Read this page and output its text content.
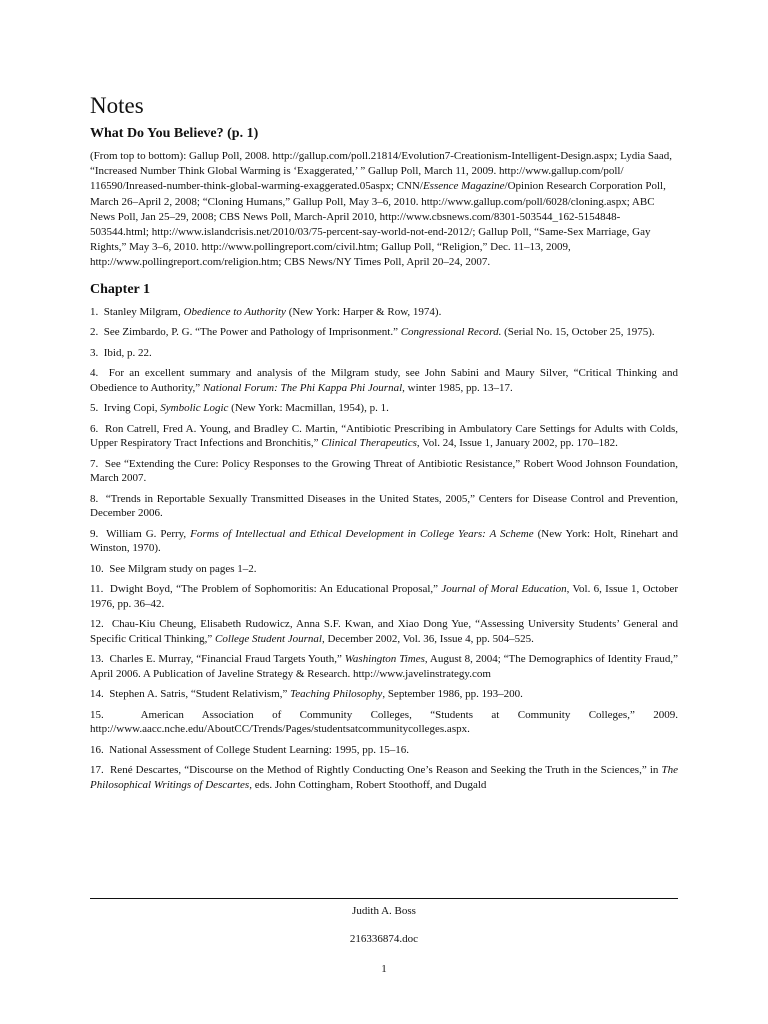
Notes
What Do You Believe? (p. 1)

(From top to bottom): Gallup Poll, 2008. http://gallup.com/poll.21814/Evolution7-Creationism-Intelligent-Design.aspx; Lydia Saad, “Increased Number Think Global Warming is ‘Exaggerated,’ ” Gallup Poll, March 11, 2009. http://www.gallup.com/poll/ 116590/Inreased-number-think-global-warming-exaggerated.05aspx; CNN/Essence Magazine/Opinion Research Corporation Poll, March 26–April 2, 2008; “Cloning Humans,” Gallup Poll, May 3–6, 2010. http://www.gallup.com/poll/6028/cloning.aspx; ABC News Poll, Jan 25–29, 2008; CBS News Poll, March-April 2010, http://www.cbsnews.com/8301-503544_162-5154848-503544.html; http://www.islandcrisis.net/2010/03/75-percent-say-world-not-end-2012/; Gallup Poll, “Same-Sex Marriage, Gay Rights,” May 3–6, 2010. http://www.pollingreport.com/civil.htm; Gallup Poll, “Religion,” Dec. 11–13, 2009, http://www.pollingreport.com/religion.htm; CBS News/NY Times Poll, April 20–24, 2007.

Chapter 1
1.  Stanley Milgram, Obedience to Authority (New York: Harper & Row, 1974).
2.  See Zimbardo, P. G. “The Power and Pathology of Imprisonment.” Congressional Record. (Serial No. 15, October 25, 1975).
3.  Ibid, p. 22.
4.  For an excellent summary and analysis of the Milgram study, see John Sabini and Maury Silver, “Critical Thinking and Obedience to Authority,” National Forum: The Phi Kappa Phi Journal, winter 1985, pp. 13–17.
5.  Irving Copi, Symbolic Logic (New York: Macmillan, 1954), p. 1.
6.  Ron Catrell, Fred A. Young, and Bradley C. Martin, “Antibiotic Prescribing in Ambulatory Care Settings for Adults with Colds, Upper Respiratory Tract Infections and Bronchitis,” Clinical Therapeutics, Vol. 24, Issue 1, January 2002, pp. 170–182.
7.  See “Extending the Cure: Policy Responses to the Growing Threat of Antibiotic Resistance,” Robert Wood Johnson Foundation, March 2007.
8.  “Trends in Reportable Sexually Transmitted Diseases in the United States, 2005,” Centers for Disease Control and Prevention, December 2006.
9.  William G. Perry, Forms of Intellectual and Ethical Development in College Years: A Scheme (New York: Holt, Rinehart and Winston, 1970).
10.  See Milgram study on pages 1–2.
11.  Dwight Boyd, “The Problem of Sophomoritis: An Educational Proposal,” Journal of Moral Education, Vol. 6, Issue 1, October 1976, pp. 36–42.
12.  Chau-Kiu Cheung, Elisabeth Rudowicz, Anna S.F. Kwan, and Xiao Dong Yue, “Assessing University Students’ General and Specific Critical Thinking,” College Student Journal, December 2002, Vol. 36, Issue 4, pp. 504–525.
13.  Charles E. Murray, “Financial Fraud Targets Youth,” Washington Times, August 8, 2004; “The Demographics of Identity Fraud,” April 2006. A Publication of Javeline Strategy & Research. http://www.javelinstrategy.com
14.  Stephen A. Satris, “Student Relativism,” Teaching Philosophy, September 1986, pp. 193–200.
15.  American Association of Community Colleges, “Students at Community Colleges,” 2009. http://www.aacc.nche.edu/AboutCC/Trends/Pages/studentsatcommunitycolleges.aspx.
16.  National Assessment of College Student Learning: 1995, pp. 15–16.
17.  René Descartes, “Discourse on the Method of Rightly Conducting One’s Reason and Seeking the Truth in the Sciences,” in The Philosophical Writings of Descartes, eds. John Cottingham, Robert Stoothoff, and Dugald
Judith A. Boss
216336874.doc
1
